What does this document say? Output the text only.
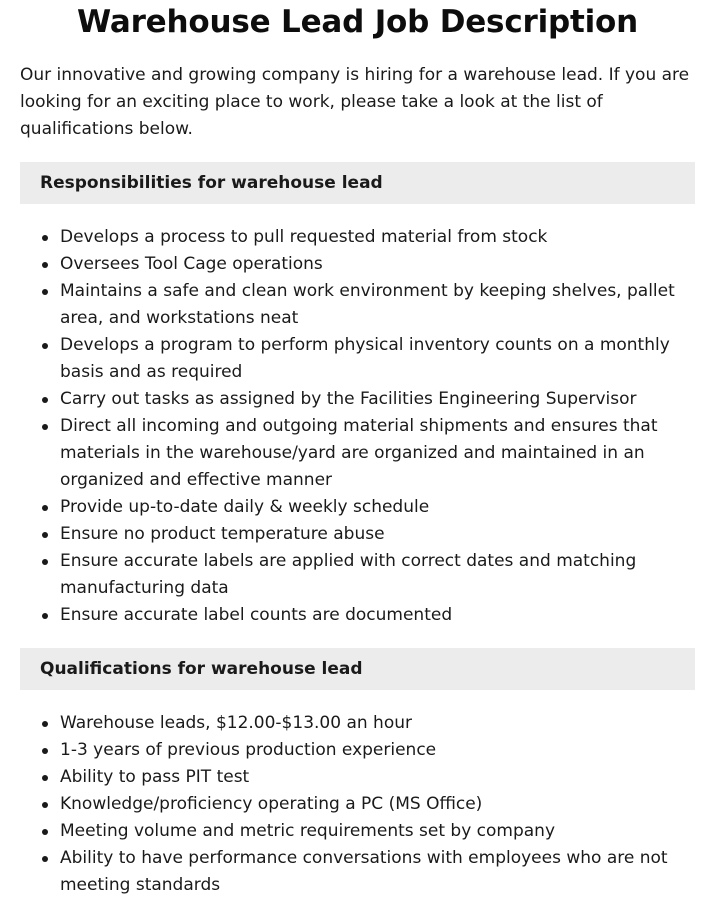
Warehouse Lead Job Description

Our innovative and growing company is hiring for a warehouse lead. If you are looking for an exciting place to work, please take a look at the list of qualifications below.

Responsibilities for warehouse lead
Develops a process to pull requested material from stock
Oversees Tool Cage operations
Maintains a safe and clean work environment by keeping shelves, pallet area, and workstations neat
Develops a program to perform physical inventory counts on a monthly basis and as required
Carry out tasks as assigned by the Facilities Engineering Supervisor
Direct all incoming and outgoing material shipments and ensures that materials in the warehouse/yard are organized and maintained in an organized and effective manner
Provide up-to-date daily & weekly schedule
Ensure no product temperature abuse
Ensure accurate labels are applied with correct dates and matching manufacturing data
Ensure accurate label counts are documented
Qualifications for warehouse lead
Warehouse leads, $12.00-$13.00 an hour
1-3 years of previous production experience
Ability to pass PIT test
Knowledge/proficiency operating a PC (MS Office)
Meeting volume and metric requirements set by company
Ability to have performance conversations with employees who are not meeting standards
